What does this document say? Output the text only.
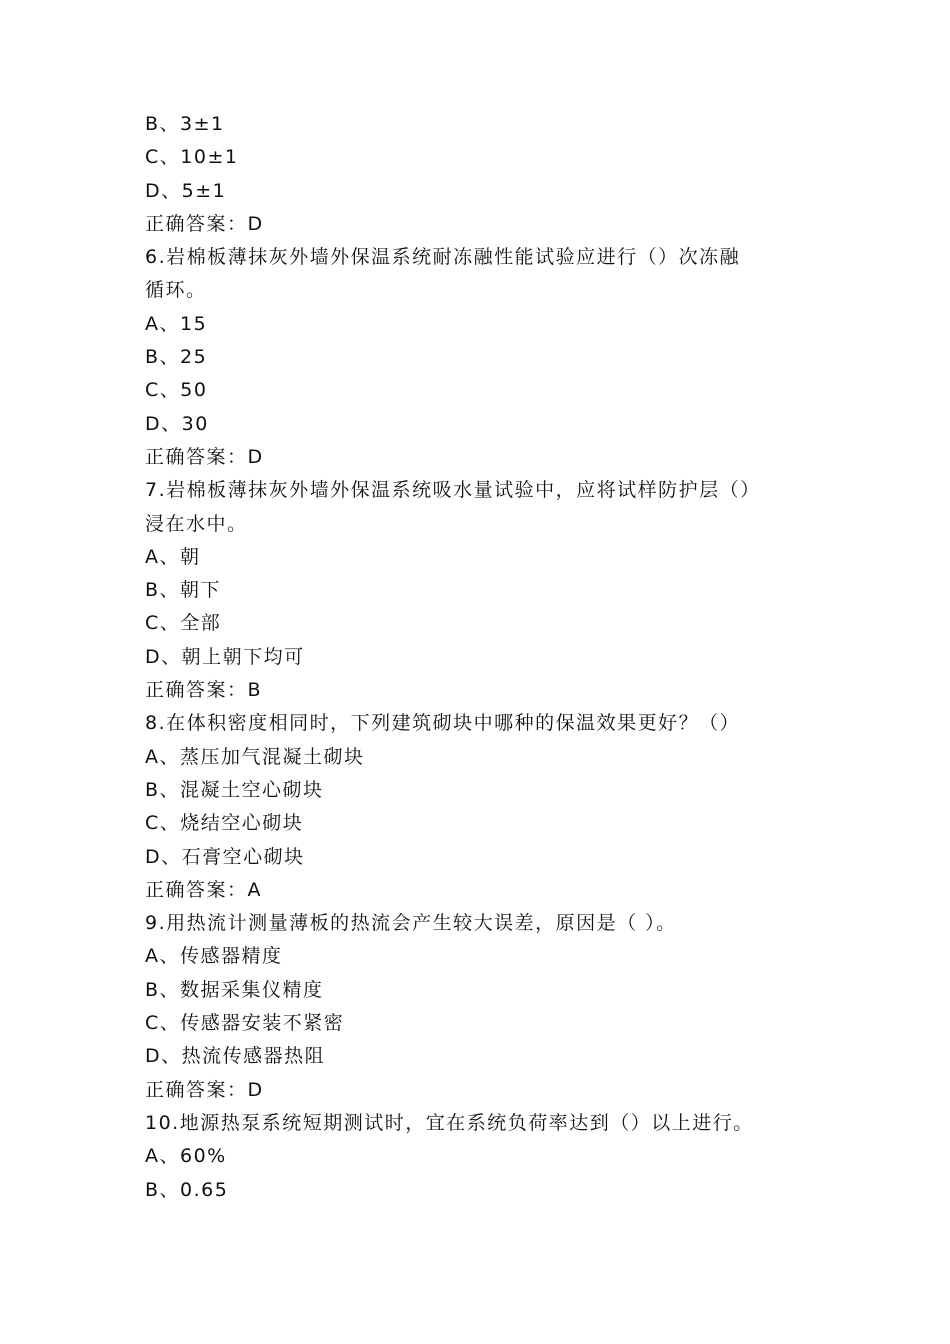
B、3±1
C、10±1
D、5±1
正确答案：D
6.岩棉板薄抹灰外墙外保温系统耐冻融性能试验应进行（）次冻融
循环。
A、15
B、25
C、50
D、30
正确答案：D
7.岩棉板薄抹灰外墙外保温系统吸水量试验中，应将试样防护层（）
浸在水中。
A、朝
B、朝下
C、全部
D、朝上朝下均可
正确答案：B
8.在体积密度相同时，下列建筑砌块中哪种的保温效果更好？（）
A、蒸压加气混凝土砌块
B、混凝土空心砌块
C、烧结空心砌块
D、石膏空心砌块
正确答案：A
9.用热流计测量薄板的热流会产生较大误差，原因是（ ）。
A、传感器精度
B、数据采集仪精度
C、传感器安装不紧密
D、热流传感器热阻
正确答案：D
10.地源热泵系统短期测试时，宜在系统负荷率达到（）以上进行。
A、60%
B、0.65
